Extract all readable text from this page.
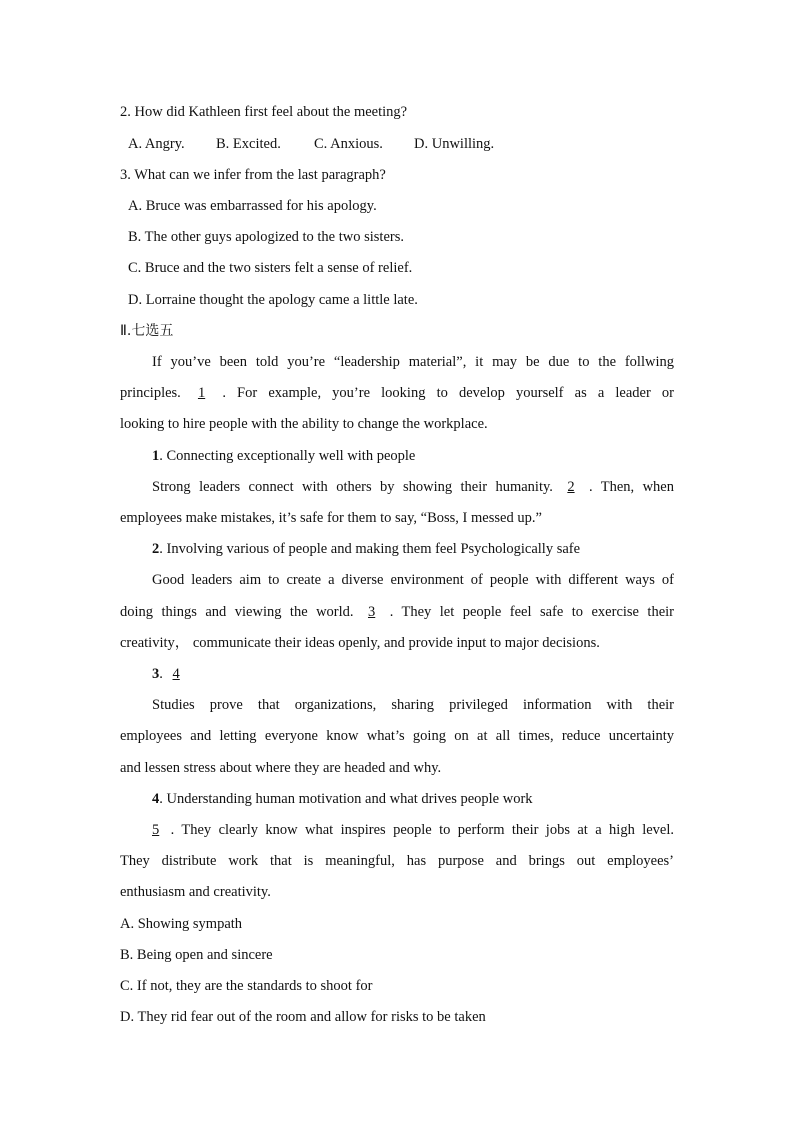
2. How did Kathleen first feel about the meeting?
A. Angry. B. Excited. C. Anxious. D. Unwilling.
3. What can we infer from the last paragraph?
A. Bruce was embarrassed for his apology.
B. The other guys apologized to the two sisters.
C. Bruce and the two sisters felt a sense of relief.
D. Lorraine thought the apology came a little late.
Ⅱ.七选五
If you’ve been told you’re “leadership material”, it may be due to the follwing
principles. 1 . For example, you’re looking to develop yourself as a leader or
looking to hire people with the ability to change the workplace.
1. Connecting exceptionally well with people
Strong leaders connect with others by showing their humanity. 2 . Then, when
employees make mistakes, it’s safe for them to say, “Boss, I messed up.”
2. Involving various of people and making them feel Psychologically safe
Good leaders aim to create a diverse environment of people with different ways of
doing things and viewing the world. 3 . They let people feel safe to exercise their
creativity， communicate their ideas openly, and provide input to major decisions.
3. 4
Studies prove that organizations, sharing privileged information with their
employees and letting everyone know what’s going on at all times, reduce uncertainty
and lessen stress about where they are headed and why.
4. Understanding human motivation and what drives people work
5 . They clearly know what inspires people to perform their jobs at a high level.
They distribute work that is meaningful, has purpose and brings out employees’
enthusiasm and creativity.
A. Showing sympath
B. Being open and sincere
C. If not, they are the standards to shoot for
D. They rid fear out of the room and allow for risks to be taken
